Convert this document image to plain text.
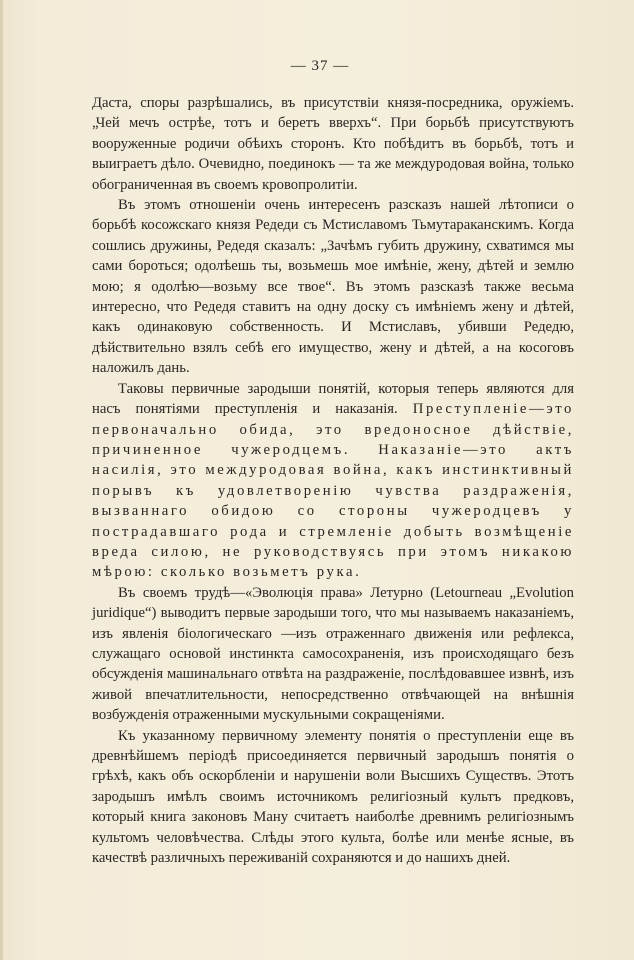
— 37 —

Даста, споры разрѣшались, въ присутствіи князя-посредника, оружіемъ. „Чей мечъ острѣе, тотъ и беретъ вверхъ“. При борьбѣ присутствуютъ вооруженные родичи обѣихъ сторонъ. Кто побѣдитъ въ борьбѣ, тотъ и выиграетъ дѣло. Очевидно, поединокъ — та же междуродовая война, только обограниченная въ своемъ кровопролитіи.

Въ этомъ отношеніи очень интересенъ разсказъ нашей лѣтописи о борьбѣ косожскаго князя Редеди съ Мстиславомъ Тьмутараканскимъ. Когда сошлись дружины, Редедя сказалъ: „Зачѣмъ губить дружину, схватимся мы сами бороться; одолѣешь ты, возьмешь мое имѣніе, жену, дѣтей и землю мою; я одолѣю—возьму все твое“. Въ этомъ разсказѣ также весьма интересно, что Редедя ставитъ на одну доску съ имѣніемъ жену и дѣтей, какъ одинаковую собственность. И Мстиславъ, убивши Редедю, дѣйствительно взялъ себѣ его имущество, жену и дѣтей, а на косоговъ наложилъ дань.

Таковы первичные зародыши понятій, которыя теперь являются для насъ понятіями преступленія и наказанія. Преступленіе—это первоначально обида, это вредоносное дѣйствіе, причиненное чужеродцемъ. Наказаніе—это актъ насилія, это междуродовая война, какъ инстинктивный порывъ къ удовлетворенію чувства раздраженія, вызваннаго обидою со стороны чужеродцевъ у пострадавшаго рода и стремленіе добыть возмѣщеніе вреда силою, не руководствуясь при этомъ никакою мѣрою: сколько возьметъ рука.

Въ своемъ трудѣ—«Эволюція права» Летурно (Letourneau „Evolution juridique“) выводитъ первые зародыши того, что мы называемъ наказаніемъ, изъ явленія біологическаго —изъ отраженнаго движенія или рефлекса, служащаго основой инстинкта самосохраненія, изъ происходящаго безъ обсужденія машинальнаго отвѣта на раздраженіе, послѣдовавшее извнѣ, изъ живой впечатлительности, непосредственно отвѣчающей на внѣшнія возбужденія отраженными мускульными сокращеніями.

Къ указанному первичному элементу понятія о преступленіи еще въ древнѣйшемъ періодѣ присоединяется первичный зародышъ понятія о грѣхѣ, какъ объ оскорбленіи и нарушеніи воли Высшихъ Существъ. Этотъ зародышъ имѣлъ своимъ источникомъ религіозный культъ предковъ, который книга законовъ Ману считаетъ наиболѣе древнимъ религіознымъ культомъ человѣчества. Слѣды этого культа, болѣе или менѣе ясные, въ качествѣ различныхъ переживаній сохраняются и до нашихъ дней.
